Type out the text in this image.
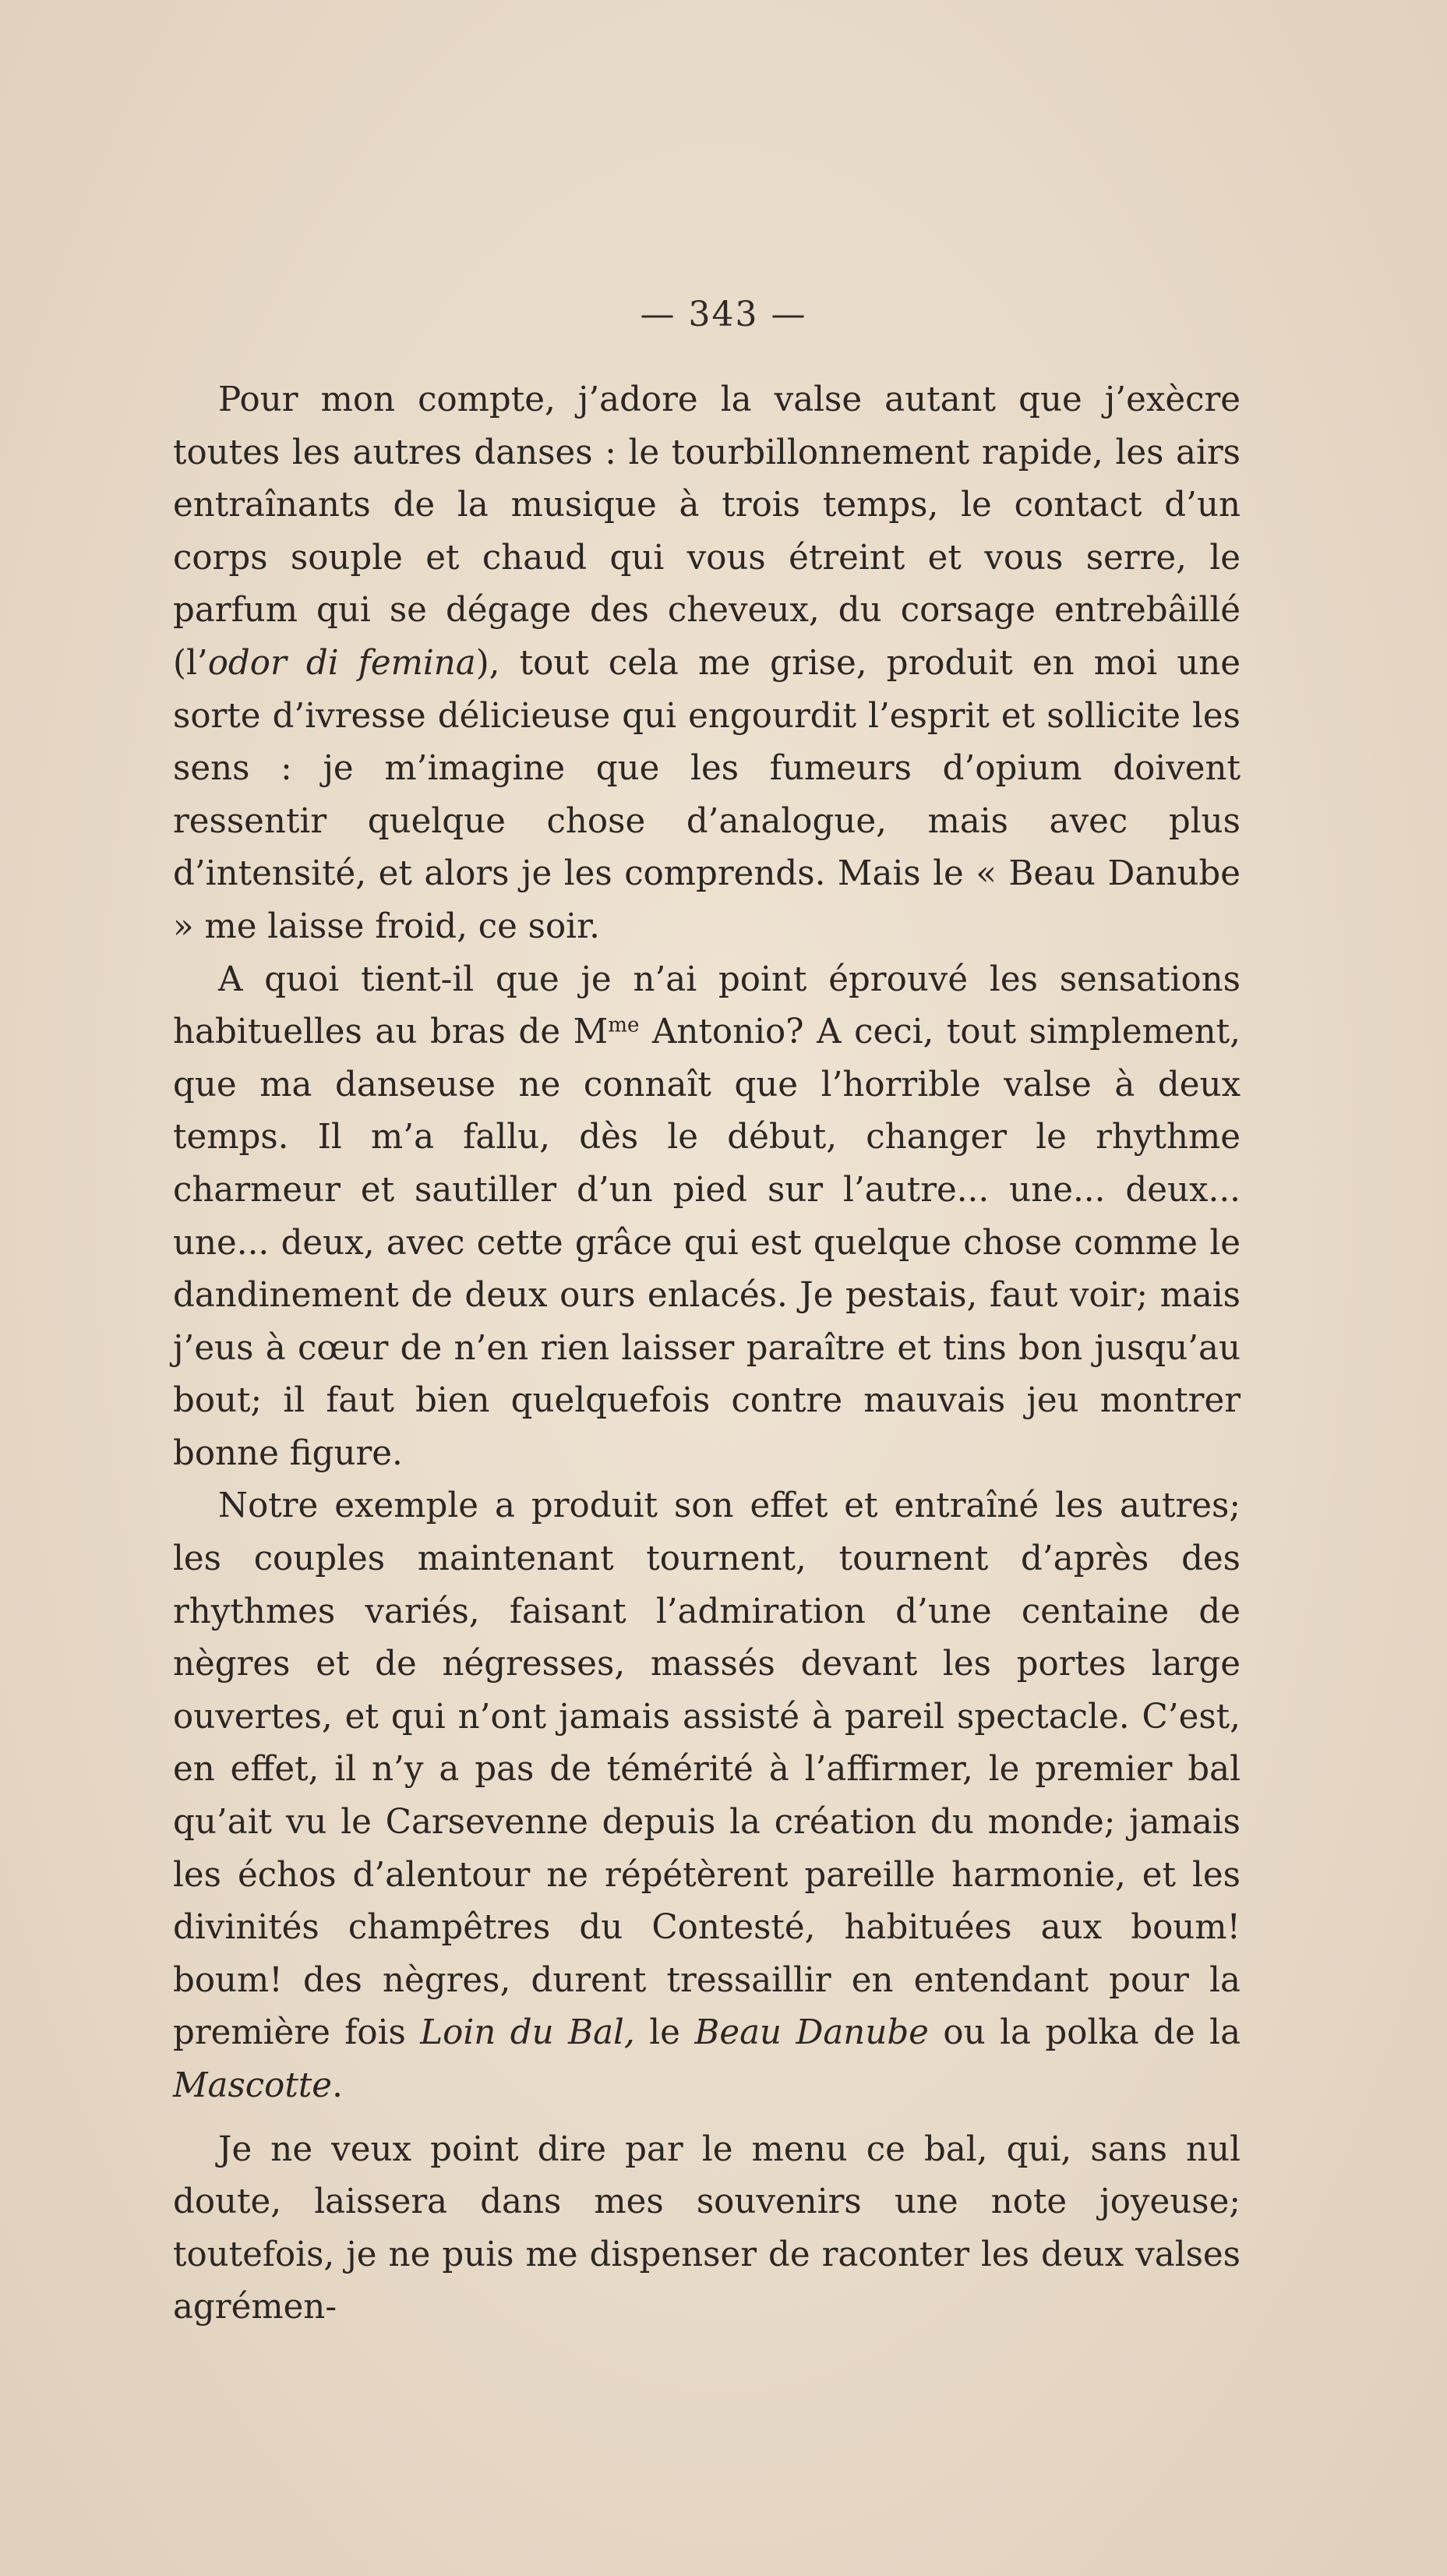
— 343 —

Pour mon compte, j’adore la valse autant que j’exècre toutes les autres danses : le tourbillonnement rapide, les airs entraînants de la musique à trois temps, le contact d’un corps souple et chaud qui vous étreint et vous serre, le parfum qui se dégage des cheveux, du corsage entrebâillé (l’odor di femina), tout cela me grise, produit en moi une sorte d’ivresse délicieuse qui engourdit l’esprit et sollicite les sens : je m’imagine que les fumeurs d’opium doivent ressentir quelque chose d’analogue, mais avec plus d’intensité, et alors je les comprends. Mais le « Beau Danube » me laisse froid, ce soir.

A quoi tient-il que je n’ai point éprouvé les sensations habituelles au bras de $M^{me}$ Antonio? A ceci, tout simplement, que ma danseuse ne connaît que l’horrible valse à deux temps. Il m’a fallu, dès le début, changer le rhythme charmeur et sautiller d’un pied sur l’autre... une... deux... une... deux, avec cette grâce qui est quelque chose comme le dandinement de deux ours enlacés. Je pestais, faut voir; mais j’eus à cœur de n’en rien laisser paraître et tins bon jusqu’au bout; il faut bien quelquefois contre mauvais jeu montrer bonne figure.

Notre exemple a produit son effet et entraîné les autres; les couples maintenant tournent, tournent d’après des rhythmes variés, faisant l’admiration d’une centaine de nègres et de négresses, massés devant les portes large ouvertes, et qui n’ont jamais assisté à pareil spectacle. C’est, en effet, il n’y a pas de témérité à l’affirmer, le premier bal qu’ait vu le Carsevenne depuis la création du monde; jamais les échos d’alentour ne répétèrent pareille harmonie, et les divinités champêtres du Contesté, habituées aux boum! boum! des nègres, durent tressaillir en entendant pour la première fois Loin du Bal, le Beau Danube ou la polka de la Mascotte.

Je ne veux point dire par le menu ce bal, qui, sans nul doute, laissera dans mes souvenirs une note joyeuse; toutefois, je ne puis me dispenser de raconter les deux valses agrémen-
